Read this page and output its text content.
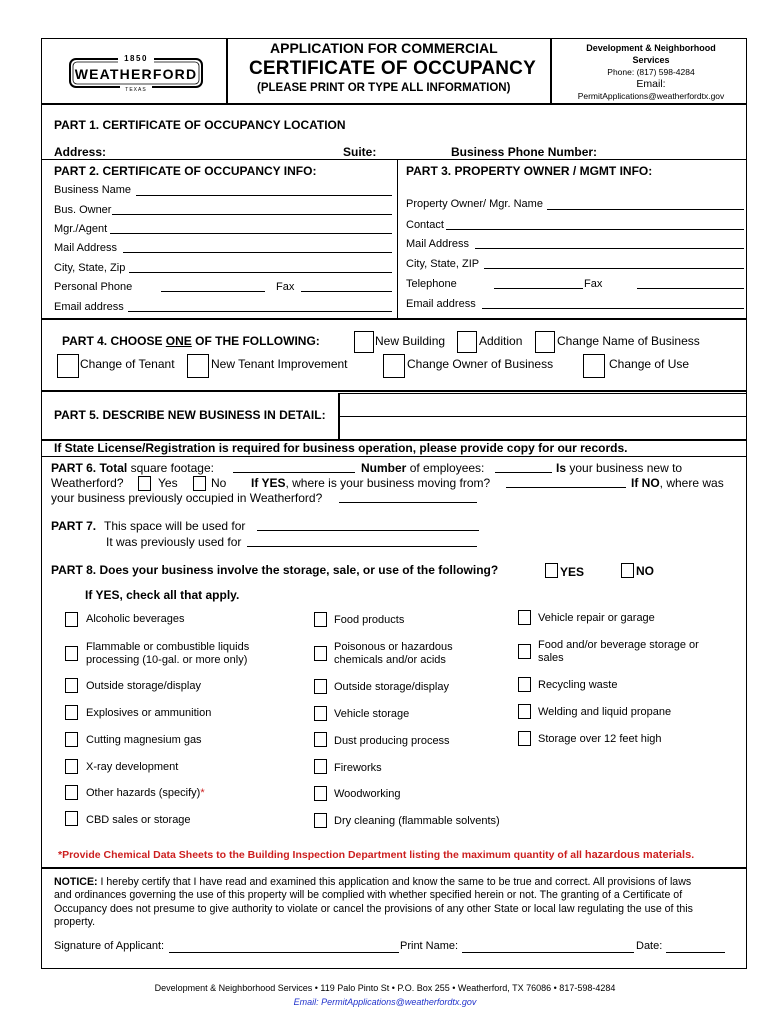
1850
WEATHERFORD
TEXAS
APPLICATION FOR COMMERCIAL
CERTIFICATE OF OCCUPANCY
(PLEASE PRINT OR TYPE ALL INFORMATION)
Development & Neighborhood
Services
Phone: (817) 598-4284
Email:
PermitApplications@weatherfordtx.gov
PART 1. CERTIFICATE OF OCCUPANCY LOCATION
Address:	Suite:	Business Phone Number:
PART 2. CERTIFICATE OF OCCUPANCY INFO:
Business Name
Bus. Owner
Mgr./Agent
Mail Address
City, State, Zip
Personal Phone	Fax
Email address
PART 3. PROPERTY OWNER / MGMT INFO:
Property Owner/ Mgr. Name
Contact
Mail Address
City, State, ZIP
Telephone	Fax
Email address
PART 4. CHOOSE ONE OF THE FOLLOWING:	New Building	Addition	Change Name of Business
Change of Tenant	New Tenant Improvement	Change Owner of Business	Change of Use
PART 5. DESCRIBE NEW BUSINESS IN DETAIL:
If State License/Registration is required for business operation, please provide copy for our records.
PART 6. Total square footage:	Number of employees:	Is your business new to
Weatherford?	Yes	No If YES, where is your business moving from?	If NO, where was
your business previously occupied in Weatherford?
PART 7. This space will be used for
It was previously used for
PART 8. Does your business involve the storage, sale, or use of the following?	YES	NO
If YES, check all that apply.
Alcoholic beverages
Flammable or combustible liquids
processing (10-gal. or more only)
Outside storage/display
Explosives or ammunition
Cutting magnesium gas
X-ray development
Other hazards (specify)*
CBD sales or storage
Food products
Poisonous or hazardous
chemicals and/or acids
Outside storage/display
Vehicle storage
Dust producing process
Fireworks
Woodworking
Dry cleaning (flammable solvents)
Vehicle repair or garage
Food and/or beverage storage or
sales
Recycling waste
Welding and liquid propane
Storage over 12 feet high
*Provide Chemical Data Sheets to the Building Inspection Department listing the maximum quantity of all hazardous materials.
NOTICE: I hereby certify that I have read and examined this application and know the same to be true and correct. All provisions of laws
and ordinances governing the use of this property will be complied with whether specified herein or not. The granting of a Certificate of
Occupancy does not presume to give authority to violate or cancel the provisions of any other State or local law regulating the use of this
property.
Signature of Applicant:	Print Name:	Date:
Development & Neighborhood Services • 119 Palo Pinto St • P.O. Box 255 • Weatherford, TX 76086 • 817-598-4284
Email: PermitApplications@weatherfordtx.gov
